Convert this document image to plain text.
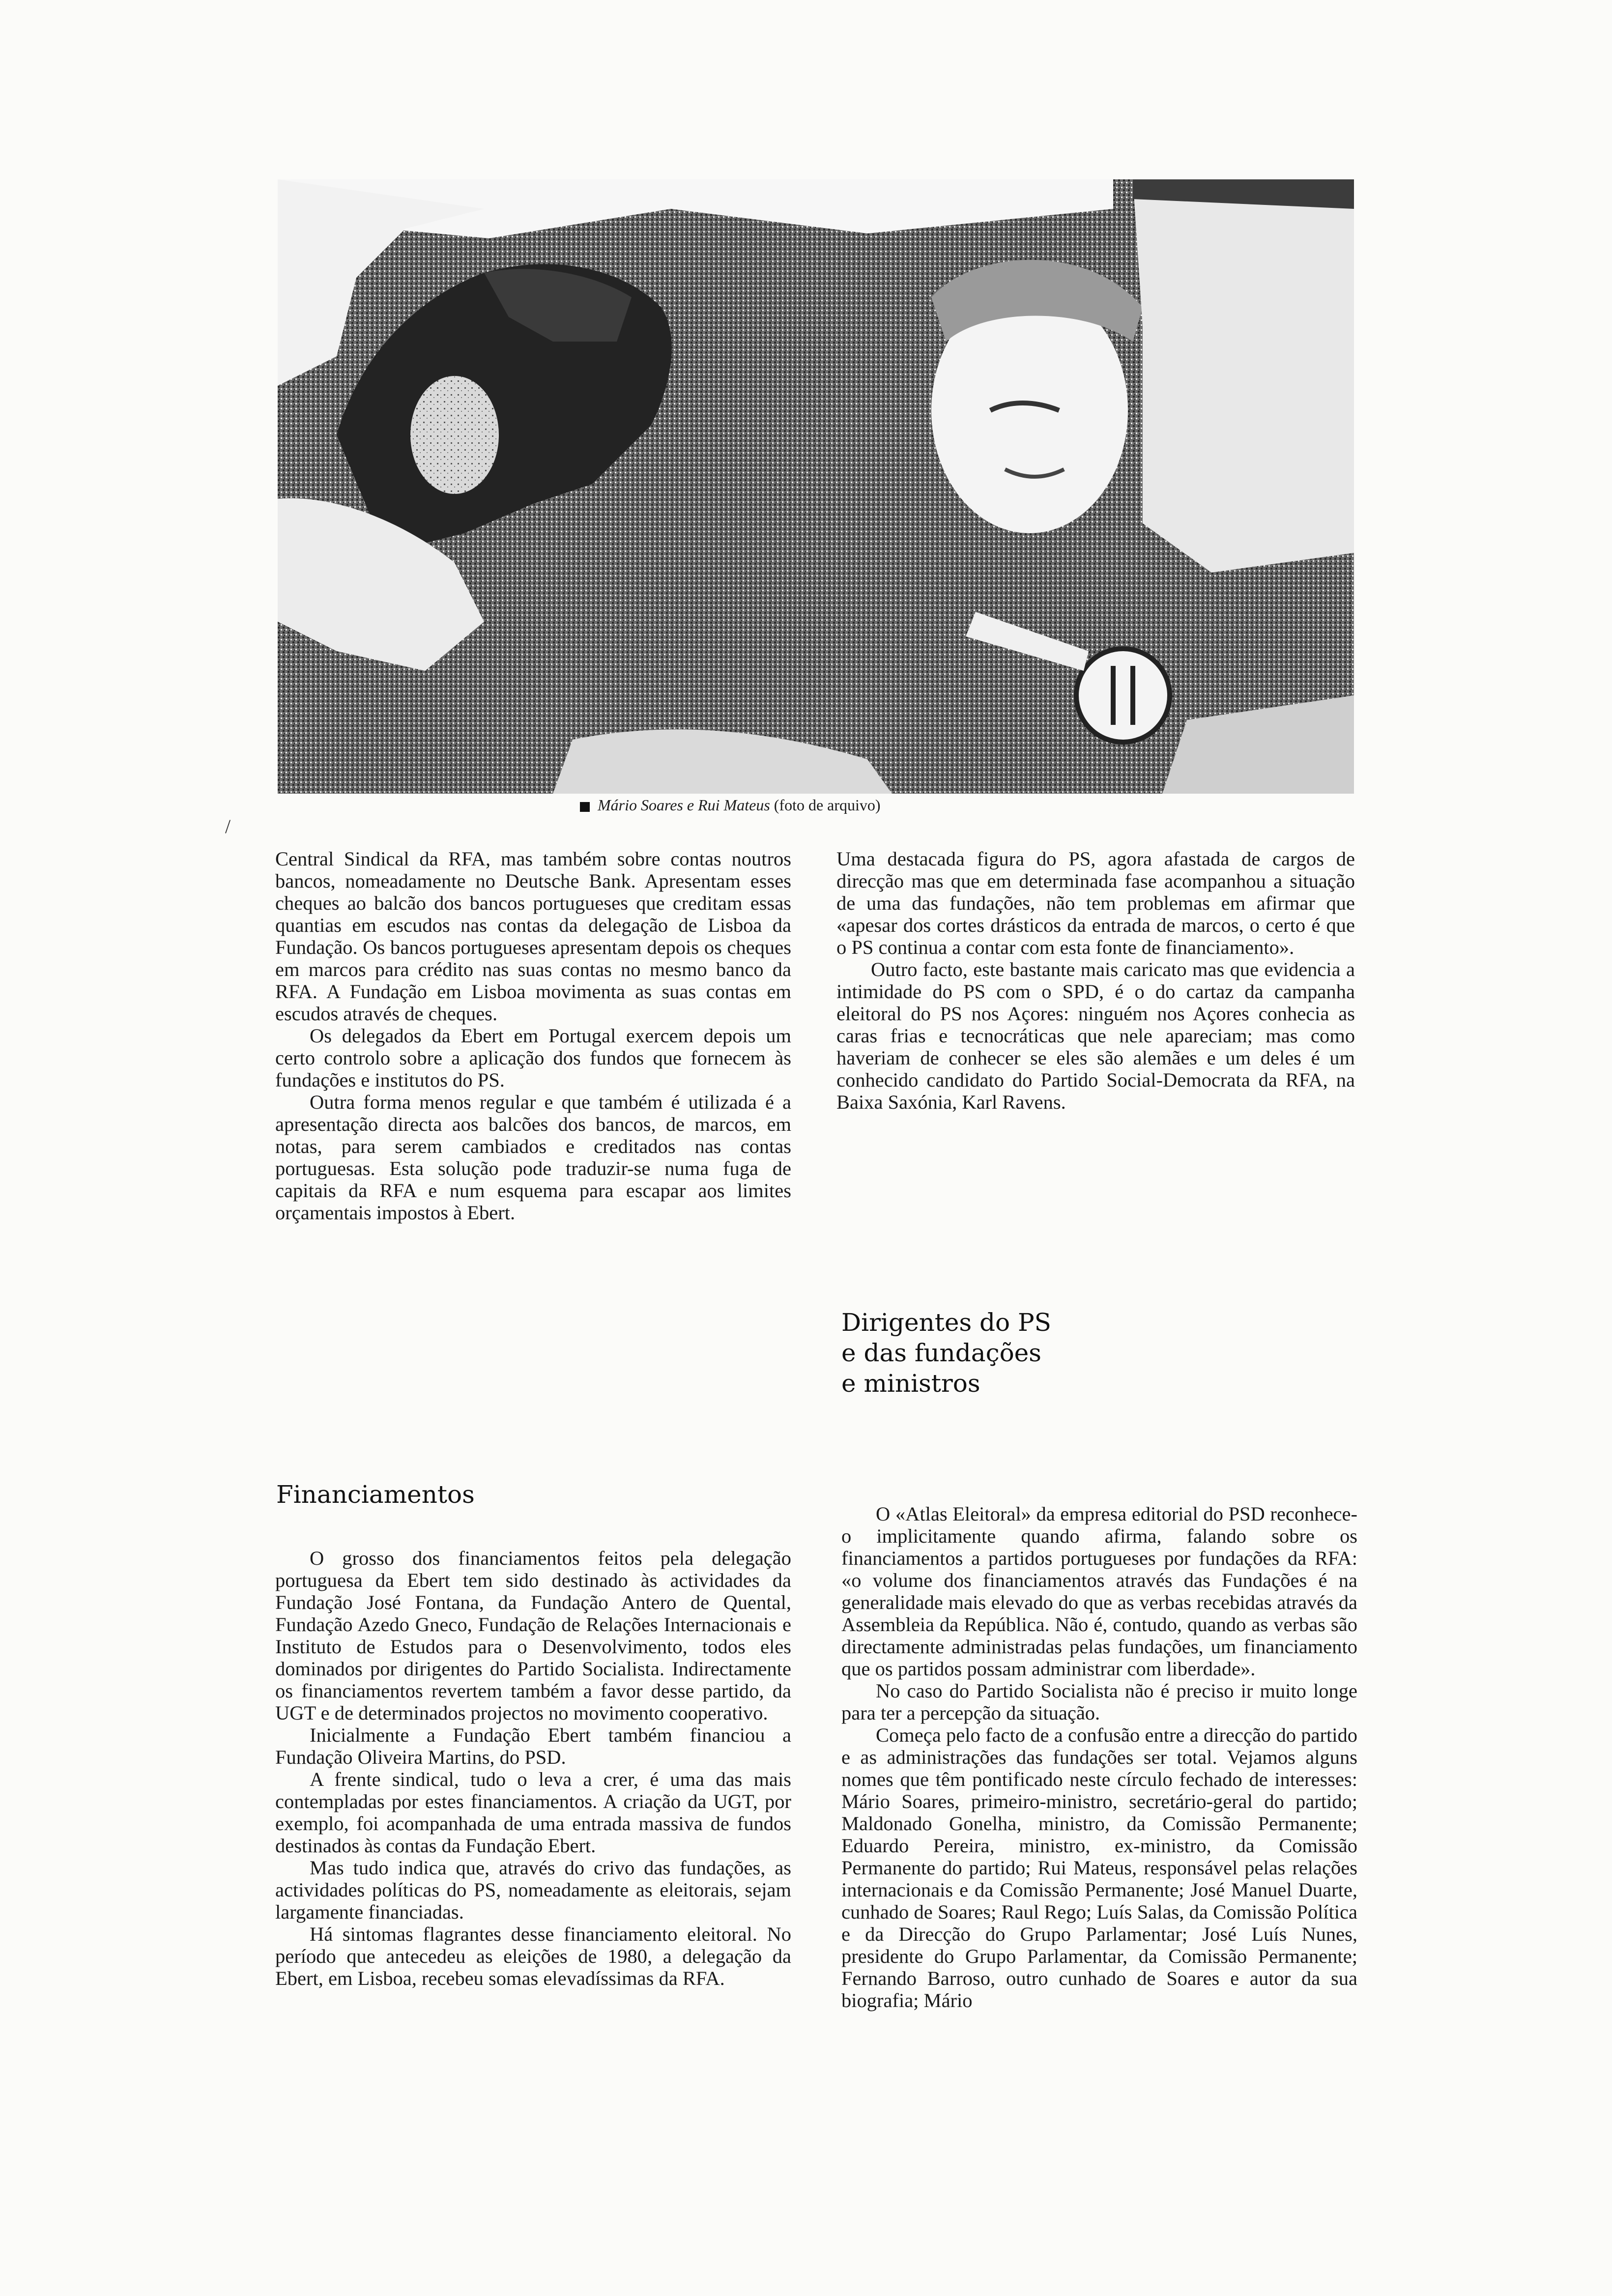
Mário Soares e Rui Mateus (foto de arquivo)
/

Central Sindical da RFA, mas também sobre contas noutros bancos, nomeadamente no Deutsche Bank. Apresentam esses cheques ao balcão dos bancos portugueses que creditam essas quantias em escudos nas contas da delegação de Lisboa da Fundação. Os bancos portugueses apresentam depois os cheques em marcos para crédito nas suas contas no mesmo banco da RFA. A Fundação em Lisboa movimenta as suas contas em escudos através de cheques.

Os delegados da Ebert em Portugal exercem depois um certo controlo sobre a aplicação dos fundos que fornecem às fundações e institutos do PS.

Outra forma menos regular e que também é utilizada é a apresentação directa aos balcões dos bancos, de marcos, em notas, para serem cambiados e creditados nas contas portuguesas. Esta solução pode traduzir-se numa fuga de capitais da RFA e num esquema para escapar aos limites orçamentais impostos à Ebert.

Uma destacada figura do PS, agora afastada de cargos de direcção mas que em determinada fase acompanhou a situação de uma das fundações, não tem problemas em afirmar que «apesar dos cortes drásticos da entrada de marcos, o certo é que o PS continua a contar com esta fonte de financiamento».

Outro facto, este bastante mais caricato mas que evidencia a intimidade do PS com o SPD, é o do cartaz da campanha eleitoral do PS nos Açores: ninguém nos Açores conhecia as caras frias e tecnocráticas que nele apareciam; mas como haveriam de conhecer se eles são alemães e um deles é um conhecido candidato do Partido Social-Democrata da RFA, na Baixa Saxónia, Karl Ravens.

Financiamentos

O grosso dos financiamentos feitos pela delegação portuguesa da Ebert tem sido destinado às actividades da Fundação José Fontana, da Fundação Antero de Quental, Fundação Azedo Gneco, Fundação de Relações Internacionais e Instituto de Estudos para o Desenvolvimento, todos eles dominados por dirigentes do Partido Socialista. Indirectamente os financiamentos revertem também a favor desse partido, da UGT e de determinados projectos no movimento cooperativo.

Inicialmente a Fundação Ebert também financiou a Fundação Oliveira Martins, do PSD.

A frente sindical, tudo o leva a crer, é uma das mais contempladas por estes financiamentos. A criação da UGT, por exemplo, foi acompanhada de uma entrada massiva de fundos destinados às contas da Fundação Ebert.

Mas tudo indica que, através do crivo das fundações, as actividades políticas do PS, nomeadamente as eleitorais, sejam largamente financiadas.

Há sintomas flagrantes desse financiamento eleitoral. No período que antecedeu as eleições de 1980, a delegação da Ebert, em Lisboa, recebeu somas elevadíssimas da RFA.

Dirigentes do PS
e das fundações
e ministros

O «Atlas Eleitoral» da empresa editorial do PSD reconhece-o implicitamente quando afirma, falando sobre os financiamentos a partidos portugueses por fundações da RFA: «o volume dos financiamentos através das Fundações é na generalidade mais elevado do que as verbas recebidas através da Assembleia da República. Não é, contudo, quando as verbas são directamente administradas pelas fundações, um financiamento que os partidos possam administrar com liberdade».

No caso do Partido Socialista não é preciso ir muito longe para ter a percepção da situação.

Começa pelo facto de a confusão entre a direcção do partido e as administrações das fundações ser total. Vejamos alguns nomes que têm pontificado neste círculo fechado de interesses: Mário Soares, primeiro-ministro, secretário-geral do partido; Maldonado Gonelha, ministro, da Comissão Permanente; Eduardo Pereira, ministro, ex-ministro, da Comissão Permanente do partido; Rui Mateus, responsável pelas relações internacionais e da Comissão Permanente; José Manuel Duarte, cunhado de Soares; Raul Rego; Luís Salas, da Comissão Política e da Direcção do Grupo Parlamentar; José Luís Nunes, presidente do Grupo Parlamentar, da Comissão Permanente; Fernando Barroso, outro cunhado de Soares e autor da sua biografia; Mário
